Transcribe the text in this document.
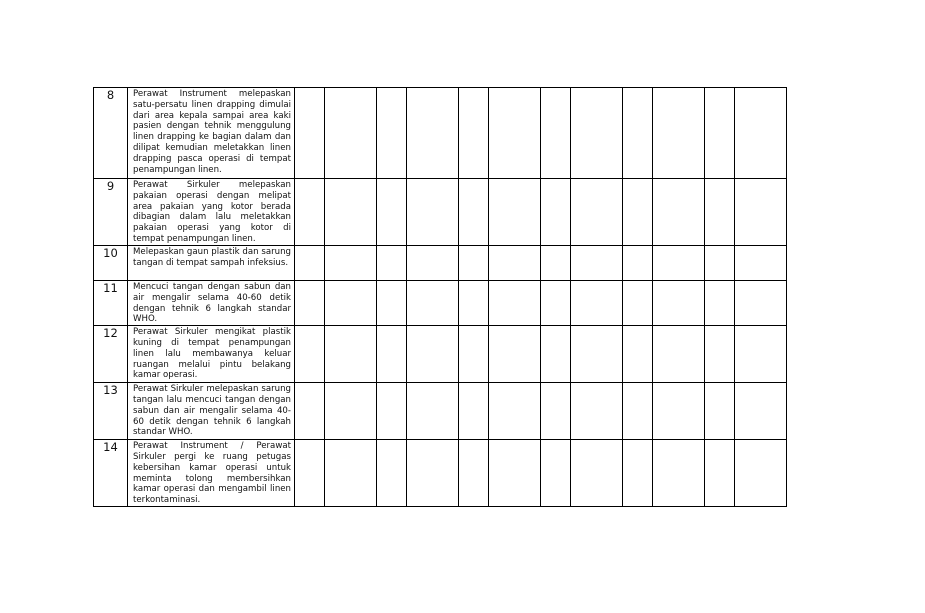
8	Perawat Instrument melepaskan satu-persatu linen drapping dimulai dari area kepala sampai area kaki pasien dengan tehnik menggulung linen drapping ke bagian dalam dan dilipat kemudian meletakkan linen drapping pasca operasi di tempat penampungan linen.												
9	Perawat Sirkuler melepaskan pakaian operasi dengan melipat area pakaian yang kotor berada dibagian dalam lalu meletakkan pakaian operasi yang kotor di tempat penampungan linen.												
10	Melepaskan gaun plastik dan sarung tangan di tempat sampah infeksius.												
11	Mencuci tangan dengan sabun dan air mengalir selama 40-60 detik dengan tehnik 6 langkah standar WHO.												
12	Perawat Sirkuler mengikat plastik kuning di tempat penampungan linen lalu membawanya keluar ruangan melalui pintu belakang kamar operasi.												
13	Perawat Sirkuler melepaskan sarung tangan lalu mencuci tangan dengan sabun dan air mengalir selama 40-60 detik dengan tehnik 6 langkah standar WHO.												
14	Perawat Instrument / Perawat Sirkuler pergi ke ruang petugas kebersihan kamar operasi untuk meminta tolong membersihkan kamar operasi dan mengambil linen terkontaminasi.												
